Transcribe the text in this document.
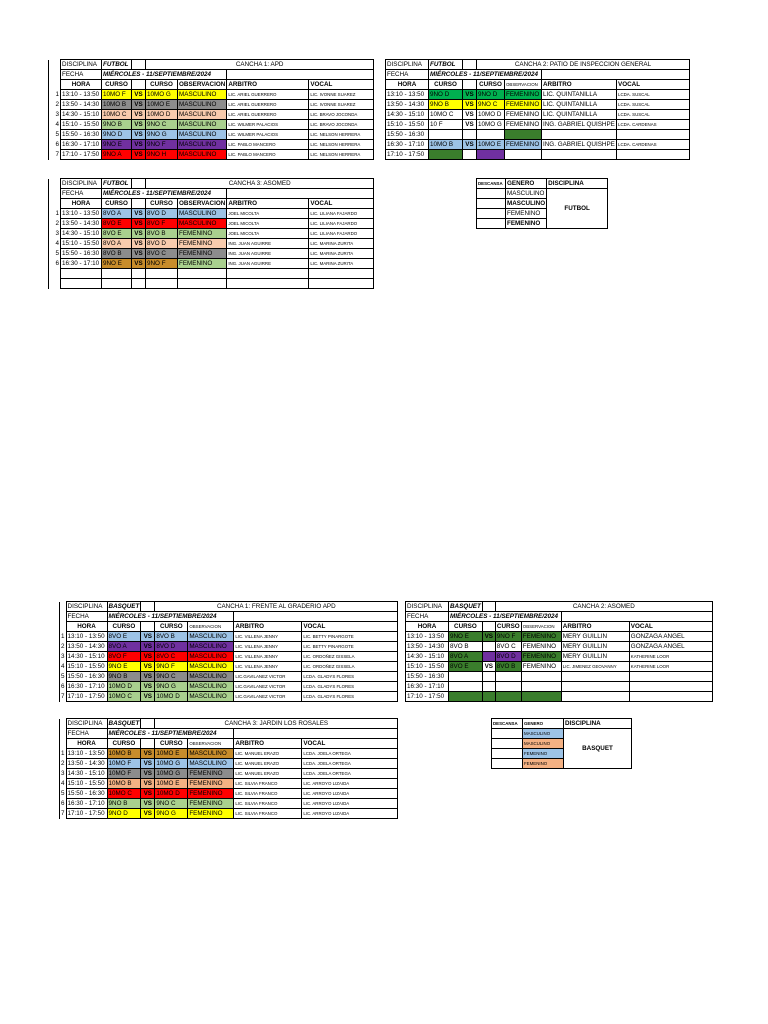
	DISCIPLINA	FUTBOL		CANCHA 1: APD			
	FECHA	MIÉRCOLES - 11/SEPTIEMBRE/2024					
	HORA	CURSO		CURSO	OBSERVACION	ARBITRO	VOCAL
1	13:10 - 13:50	10MO F	VS	10MO G	MASCULINO	LIC. ARIEL GUERRERO	LIC. IVONNE SUAREZ
2	13:50 - 14:30	10MO B	VS	10MO E	MASCULINO	LIC. ARIEL GUERRERO	LIC. IVONNE SUAREZ
3	14:30 - 15:10	10MO C	VS	10MO D	MASCULINO	LIC. ARIEL GUERRERO	LIC. BRAVO JOCONDA
4	15:10 - 15:50	9NO B	VS	9NO C	MASCULINO	LIC. WILMER PALACIOS	LIC. BRAVO JOCONDA
5	15:50 - 16:30	9NO D	VS	9NO G	MASCULINO	LIC. WILMER PALACIOS	LIC. NELSON HERRERA
6	16:30 - 17:10	9NO E	VS	9NO F	MASCULINO	LIC. PABLO MANCERO	LIC. NELSON HERRERA
7	17:10 - 17:50	9NO A	VS	9NO H	MASCULINO	LIC. PABLO MANCERO	LIC. NELSON HERRERA
DISCIPLINA	FUTBOL		CANCHA 2: PATIO DE INSPECCION GENERAL			
FECHA	MIÉRCOLES - 11/SEPTIEMBRE/2024					
HORA	CURSO		CURSO	OBSERVACION	ARBITRO	VOCAL
13:10 - 13:50	9NO D	VS	9NO D	FEMENINO	LIC. QUINTANILLA	LCDA. SUSCAL
13:50 - 14:30	9NO B	VS	9NO C	FEMENINO	LIC. QUINTANILLA	LCDA. SUSCAL
14:30 - 15:10	10MO C	VS	10MO D	FEMENINO	LIC. QUINTANILLA	LCDA. SUSCAL
15:10 - 15:50	10 F	VS	10MO G	FEMENINO	ING. GABRIEL QUISHPE	LCDA. CARDENAS
15:50 - 16:30						
16:30 - 17:10	10MO B	VS	10MO E	FEMENINO	ING. GABRIEL QUISHPE	LCDA. CARDENAS
17:10 - 17:50						
	DISCIPLINA	FUTBOL		CANCHA 3: ASOMED			
	FECHA	MIÉRCOLES - 11/SEPTIEMBRE/2024					
	HORA	CURSO		CURSO	OBSERVACION	ARBITRO	VOCAL
1	13:10 - 13:50	8VO A	VS	8VO D	MASCULINO	JOEL MICOLTA	LIC. LILIANA FAJARDO
2	13:50 - 14:30	8VO E	VS	8VO F	MASCULINO	JOEL MICOLTA	LIC. LILIANA FAJARDO
3	14:30 - 15:10	8VO E	VS	8VO B	FEMENINO	JOEL MICOLTA	LIC. LILIANA FAJARDO
4	15:10 - 15:50	8VO A	VS	8VO D	FEMENINO	ING. JUAN AGUIRRE	LIC. MARINA ZURITA
5	15:50 - 16:30	8VO B	VS	8VO C	FEMENINO	ING. JUAN AGUIRRE	LIC. MARINA ZURITA
6	16:30 - 17:10	9NO E	VS	9NO F	FEMENINO	ING. JUAN AGUIRRE	LIC. MARINA ZURITA

DESCANSA	GENERO	DISCIPLINA
	MASCULINO	FUTBOL
	MASCULINO	
	FEMENINO	
	FEMENINO	
	DISCIPLINA	BASQUET		CANCHA 1: FRENTE AL GRADERIO APD			
	FECHA	MIÉRCOLES - 11/SEPTIEMBRE/2024					
	HORA	CURSO		CURSO	OBSERVACION	ARBITRO	VOCAL
1	13:10 - 13:50	8VO E	VS	8VO B	MASCULINO	LIC. VILLENA JENNY	LIC. BETTY PINARGOTE
2	13:50 - 14:30	8VO A	VS	8VO D	MASCULINO	LIC. VILLENA JENNY	LIC. BETTY PINARGOTE
3	14:30 - 15:10	8VO F	VS	8VO C	MASCULINO	LIC. VILLENA JENNY	LIC. ORDOÑEZ GISSELA
4	15:10 - 15:50	9NO E	VS	9NO F	MASCULINO	LIC. VILLENA JENNY	LIC. ORDOÑEZ GISSELA
5	15:50 - 16:30	9NO B	VS	9NO C	MASCULINO	LIC.GAVILANEZ VICTOR	LCDA. GLADYS FLORES
6	16:30 - 17:10	10MO D	VS	9NO G	MASCULINO	LIC.GAVILANEZ VICTOR	LCDA. GLADYS FLORES
7	17:10 - 17:50	10MO C	VS	10MO D	MASCULINO	LIC.GAVILANEZ VICTOR	LCDA. GLADYS FLORES
DISCIPLINA	BASQUET		CANCHA 2: ASOMED			
FECHA	MIÉRCOLES - 11/SEPTIEMBRE/2024					
HORA	CURSO		CURSO	OBSERVACION	ARBITRO	VOCAL
13:10 - 13:50	9NO E	VS	9NO F	FEMENINO	MERY GUILLIN	GONZAGA ANGEL
13:50 - 14:30	8VO B		8VO C	FEMENINO	MERY GUILLIN	GONZAGA ANGEL
14:30 - 15:10	8VO A		8VO D	FEMENINO	MERY GUILLIN	KATHERINE LOOR
15:10 - 15:50	8VO E	VS	8VO B	FEMENINO	LIC. JIMENEZ GEOVANNY	KATHERINE LOOR
15:50 - 16:30						
16:30 - 17:10						
17:10 - 17:50						
	DISCIPLINA	BASQUET		CANCHA 3: JARDIN LOS ROSALES			
	FECHA	MIÉRCOLES - 11/SEPTIEMBRE/2024					
	HORA	CURSO		CURSO	OBSERVACION	ARBITRO	VOCAL
1	13:10 - 13:50	10MO B	VS	10MO E	MASCULINO	LIC. MANUEL ERAZO	LCDA. JOELA ORTEGA
2	13:50 - 14:30	10MO F	VS	10MO G	MASCULINO	LIC. MANUEL ERAZO	LCDA. JOELA ORTEGA
3	14:30 - 15:10	10MO F	VS	10MO G	FEMENINO	LIC. MANUEL ERAZO	LCDA. JOELA ORTEGA
4	15:10 - 15:50	10MO B	VS	10MO E	FEMENINO	LIC. SILVIA FRANCO	LIC. ARROYO LIZAIDA
5	15:50 - 16:30	10MO C	VS	10MO D	FEMENINO	LIC. SILVIA FRANCO	LIC. ARROYO LIZAIDA
6	16:30 - 17:10	9NO B	VS	9NO C	FEMENINO	LIC. SILVIA FRANCO	LIC. ARROYO LIZAIDA
7	17:10 - 17:50	9NO D	VS	9NO G	FEMENINO	LIC. SILVIA FRANCO	LIC. ARROYO LIZAIDA
DESCANSA	GENERO	DISCIPLINA
	MASCULINO	BASQUET
	MASCULINO	
	FEMENINO	
	FEMENINO	
